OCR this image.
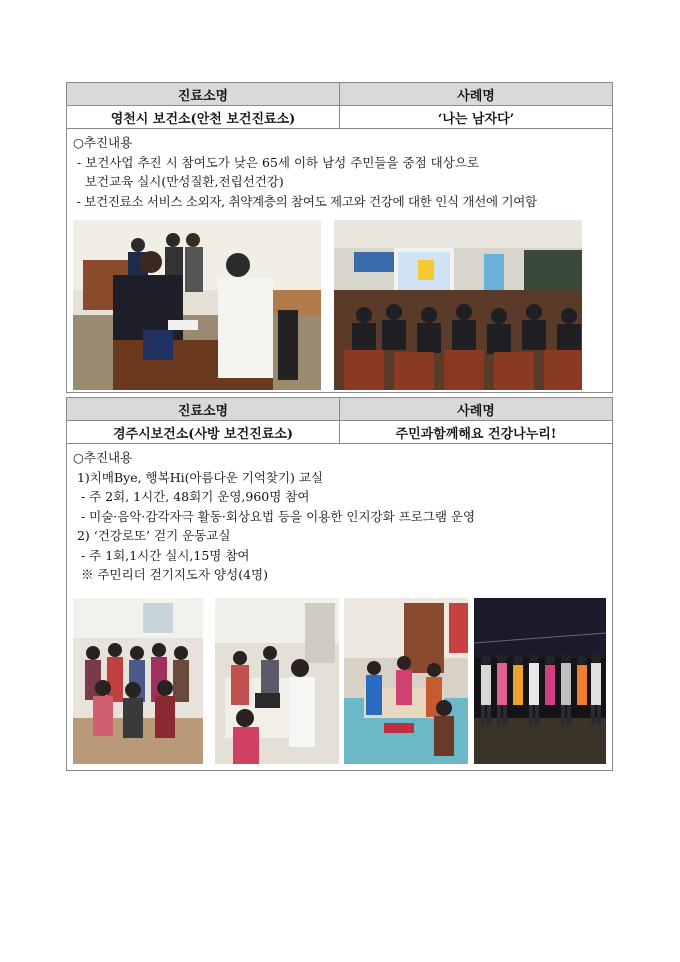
진료소명	사례명
영천시 보건소(안천 보건진료소)	‘나는 남자다’
○추진내용
- 보건사업 추진 시 참여도가 낮은 65세 이하 남성 주민들을 중점 대상으로
보건교육 실시(만성질환,전립선건강)
- 보건진료소 서비스 소외자, 취약계층의 참여도 제고와 건강에 대한 인식 개선에 기여함
진료소명	사례명
경주시보건소(사방 보건진료소)	주민과함께해요 건강나누리!
○추진내용
1)치매Bye, 행복Hi(아름다운 기억찾기) 교실
- 주 2회, 1시간, 48회기 운영,960명 참여
- 미술·음악·감각자극 활동·회상요법 등을 이용한 인지강화 프로그램 운영
2) ‘건강로또’ 걷기 운동교실
- 주 1회,1시간 실시,15명 참여
※ 주민리더 걷기지도자 양성(4명)
